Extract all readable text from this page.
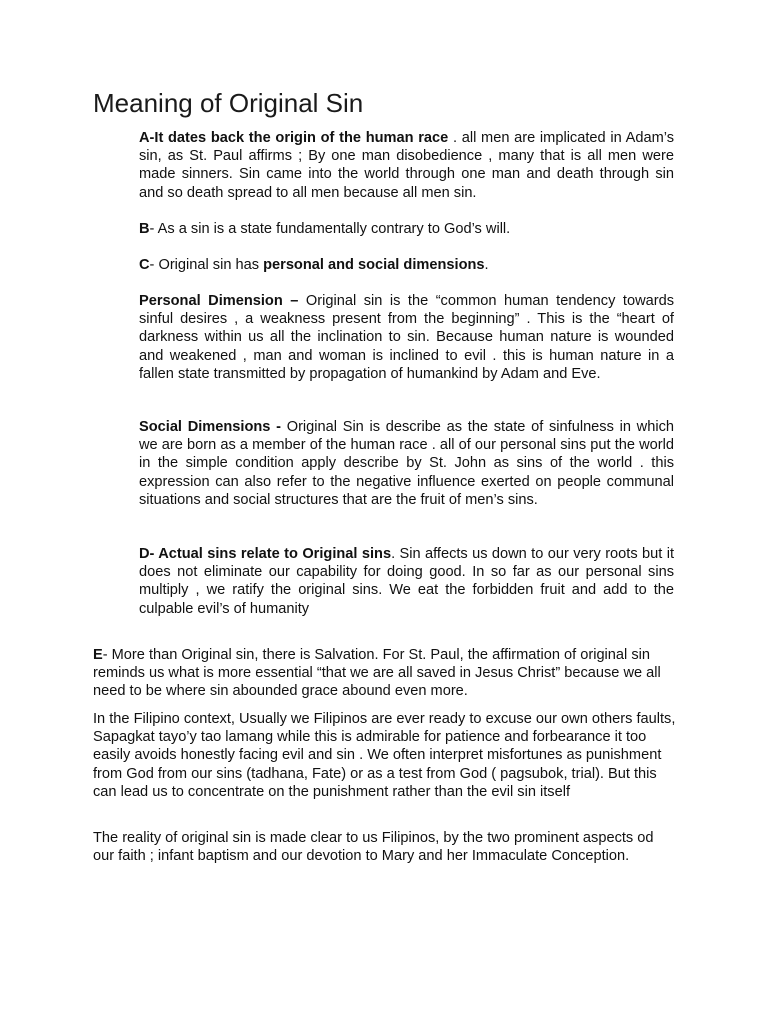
Meaning of Original Sin

A-It dates back the origin of the human race . all men are implicated in Adam’s sin, as St. Paul affirms ; By one man disobedience , many that is all men were made sinners. Sin came into the world through one man and death through sin and so death spread to all men because all men sin.

B- As a sin is a state fundamentally contrary to God’s will.

C- Original sin has personal and social dimensions.

Personal Dimension – Original sin is the “common human tendency towards sinful desires , a weakness present from the beginning” . This is the “heart of darkness within us all the inclination to sin. Because human nature is wounded and weakened , man and woman is inclined to evil . this is human nature in a fallen state transmitted by propagation of humankind by Adam and Eve.

Social Dimensions - Original Sin is describe as the state of sinfulness in which we are born as a member of the human race . all of our personal sins put the world in the simple condition apply describe by St. John as sins of the world . this expression can also refer to the negative influence exerted on people communal situations and social structures that are the fruit of men’s sins.

D- Actual sins relate to Original sins. Sin affects us down to our very roots but it does not eliminate our capability for doing good. In so far as our personal sins multiply , we ratify the original sins. We eat the forbidden fruit and add to the culpable evil’s of humanity

E- More than Original sin, there is Salvation. For St. Paul, the affirmation of original sin reminds us what is more essential “that we are all saved in Jesus Christ” because we all need to be where sin abounded grace abound even more.

In the Filipino context, Usually we Filipinos are ever ready to excuse our own others faults, Sapagkat tayo’y tao lamang while this is admirable for patience and forbearance it too easily avoids honestly facing evil and sin . We often interpret misfortunes as punishment from God from our sins (tadhana, Fate) or as a test from God ( pagsubok, trial). But this can lead us to concentrate on the punishment rather than the evil sin itself

The reality of original sin is made clear to us Filipinos, by the two prominent aspects od our faith ; infant baptism and our devotion to Mary and her Immaculate Conception.
